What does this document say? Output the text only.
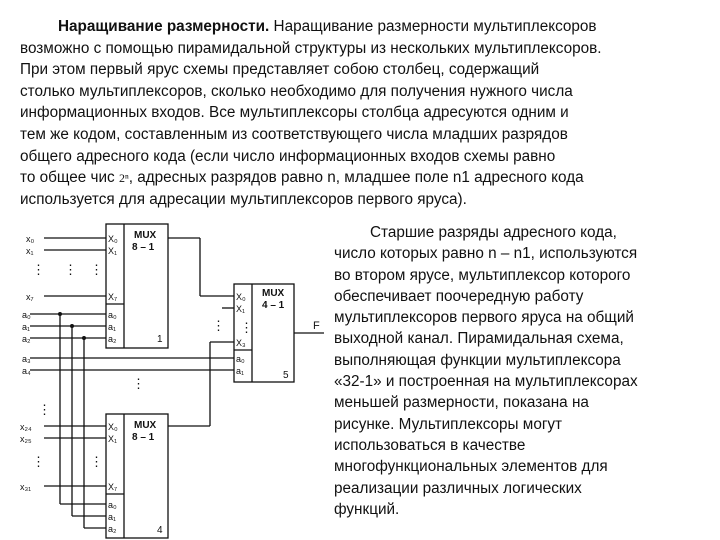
Наращивание размерности. Наращивание размерности мультиплексоров
возможно с помощью пирамидальной структуры из нескольких мультиплексоров.
При этом первый ярус схемы представляет собою столбец, содержащий
столько мультиплексоров, сколько необходимо для получения нужного числа
информационных входов. Все мультиплексоры столбца адресуются одним и
тем же кодом, составленным из соответствующего числа младших разрядов
общего адресного кода (если число информационных входов схемы равно
то общее чис 2ⁿ, адресных разрядов равно n, младшее поле n1 адресного кода
используется для адресации мультиплексоров первого яруса).
Старшие разряды адресного кода,
число которых равно n – n1, используются
во втором ярусе, мультиплексор которого
обеспечивает поочередную работу
мультиплексоров первого яруса на общий
выходной канал. Пирамидальная схема,
выполняющая функции мультиплексора
«32-1» и построенная на мультиплексорах
меньшей размерности, показана на
рисунке. Мультиплексоры могут
использоваться в качестве
многофункциональных элементов для
реализации различных логических
функций.
MUX
8 – 1
X₀
X₁
X₇
a₀
a₁
a₂	1
MUX
8 – 1
X₀
X₁
X₇
a₀
a₁
a₂	4
MUX
4 – 1
X₀
X₁
X₃
a₀
a₁	5
F
x₀
x₁
x₇
x₂₄
x₂₅
x₃₁
a₀
a₁
a₂
a₃
a₄
⋮ ⋮ ⋮
⋮	⋮
⋮
⋮ ⋮
⋮
